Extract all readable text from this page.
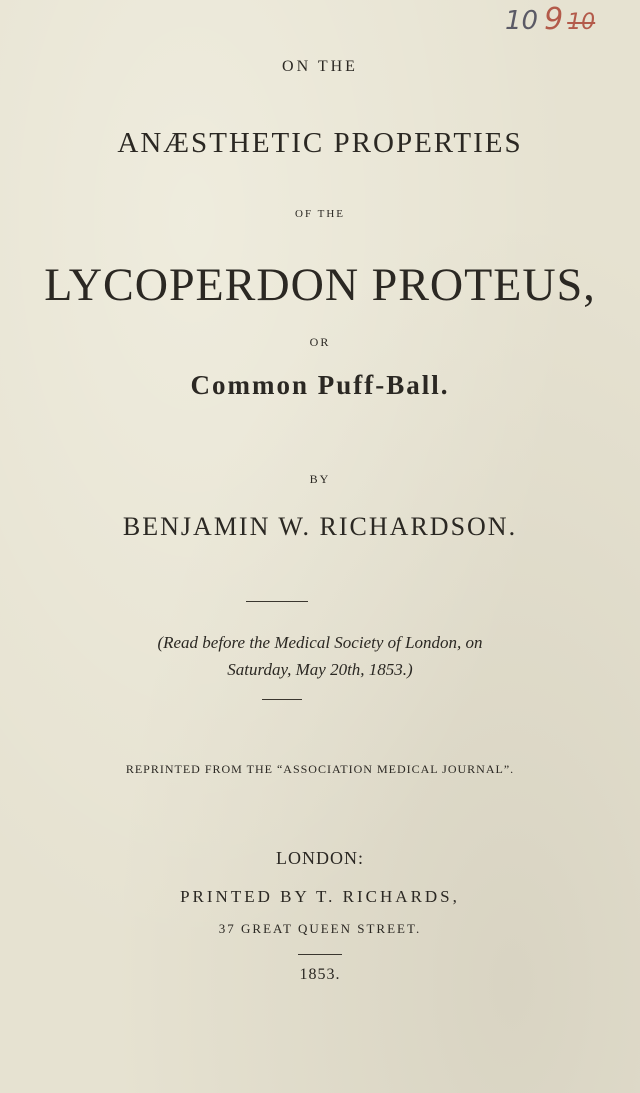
10 9 10
ON THE
ANÆSTHETIC PROPERTIES
OF THE
LYCOPERDON PROTEUS,
OR
Common Puff-Ball.
BY
BENJAMIN W. RICHARDSON.
(Read before the Medical Society of London, on
Saturday, May 20th, 1853.)
REPRINTED FROM THE “ASSOCIATION MEDICAL JOURNAL”.
LONDON:
PRINTED BY T. RICHARDS,
37 GREAT QUEEN STREET.
1853.
